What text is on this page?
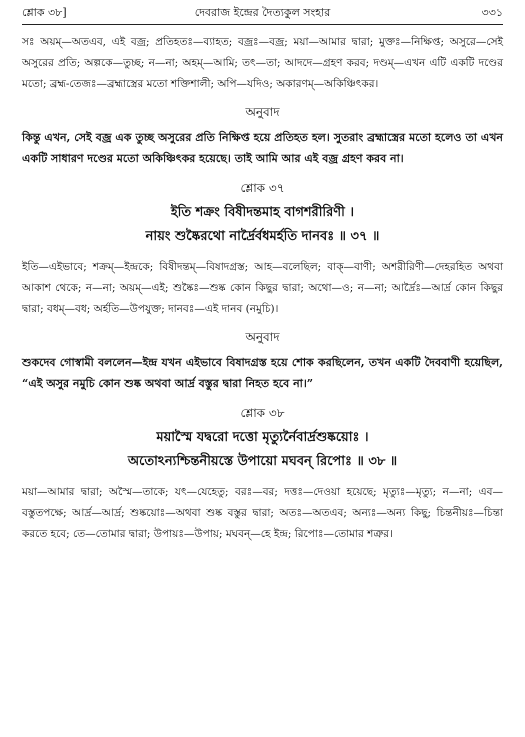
শ্লোক ৩৮]	দেবরাজ ইন্দ্রের দৈত্যকুল সংহার	৩৩১

সঃ অয়ম্—অতএব, এই বজ্র; প্রতিহতঃ—ব্যাহত; বজ্রঃ—বজ্র; ময়া—আমার দ্বারা; মুক্তঃ—নিক্ষিপ্ত; অসুরে—সেই অসুরের প্রতি; অল্পকে—তুচ্ছ; ন—না; অহম্—আমি; তৎ—তা; আদদে—গ্রহণ করব; দণ্ডম্—এখন এটি একটি দণ্ডের মতো; ব্রহ্ম-তেজঃ—ব্রহ্মাস্ত্রের মতো শক্তিশালী; অপি—যদিও; অকারণম্—অকিঞ্চিৎকর।

অনুবাদ

কিন্তু এখন, সেই বজ্র এক তুচ্ছ অসুরের প্রতি নিক্ষিপ্ত হয়ে প্রতিহত হল। সুতরাং ব্রহ্মাস্ত্রের মতো হলেও তা এখন একটি সাধারণ দণ্ডের মতো অকিঞ্চিৎকর হয়েছে। তাই আমি আর এই বজ্র গ্রহণ করব না।

শ্লোক ৩৭

ইতি শক্রং বিষীদন্তমাহ বাগশরীরিণী ।

নায়ং শুষ্কৈরথো নার্দ্রৈর্বধমর্হতি দানবঃ ॥ ৩৭ ॥

ইতি—এইভাবে; শক্রম্—ইন্দ্রকে; বিষীদন্তম্—বিষাদগ্রস্ত; আহ—বলেছিল; বাক্—বাণী; অশরীরিণী—দেহরহিত অথবা আকাশ থেকে; ন—না; অয়ম্—এই; শুষ্কৈঃ—শুষ্ক কোন কিছুর দ্বারা; অথো—ও; ন—না; আর্দ্রৈঃ—আর্দ্র কোন কিছুর দ্বারা; বধম্—বধ; অর্হতি—উপযুক্ত; দানবঃ—এই দানব (নমুচি)।

অনুবাদ

শুকদেব গোস্বামী বললেন—ইন্দ্র যখন এইভাবে বিষাদগ্রস্ত হয়ে শোক করছিলেন, তখন একটি দৈববাণী হয়েছিল, “এই অসুর নমুচি কোন শুষ্ক অথবা আর্দ্র বস্তুর দ্বারা নিহত হবে না।”

শ্লোক ৩৮

ময়াস্মৈ যদ্বরো দত্তো মৃত্যুর্নৈবার্দ্রশুষ্কয়োঃ ।

অতোঽন্যশ্চিন্তনীয়স্তে উপায়ো মঘবন্ রিপোঃ ॥ ৩৮ ॥

ময়া—আমার দ্বারা; অস্মৈ—তাকে; যৎ—যেহেতু; বরঃ—বর; দত্তঃ—দেওয়া হয়েছে; মৃত্যুঃ—মৃত্যু; ন—না; এব—বস্তুতপক্ষে; আর্দ্র—আর্দ্র; শুষ্কয়োঃ—অথবা শুষ্ক বস্তুর দ্বারা; অতঃ—অতএব; অন্যঃ—অন্য কিছু; চিন্তনীয়ঃ—চিন্তা করতে হবে; তে—তোমার দ্বারা; উপায়ঃ—উপায়; মঘবন্—হে ইন্দ্র; রিপোঃ—তোমার শত্রুর।
